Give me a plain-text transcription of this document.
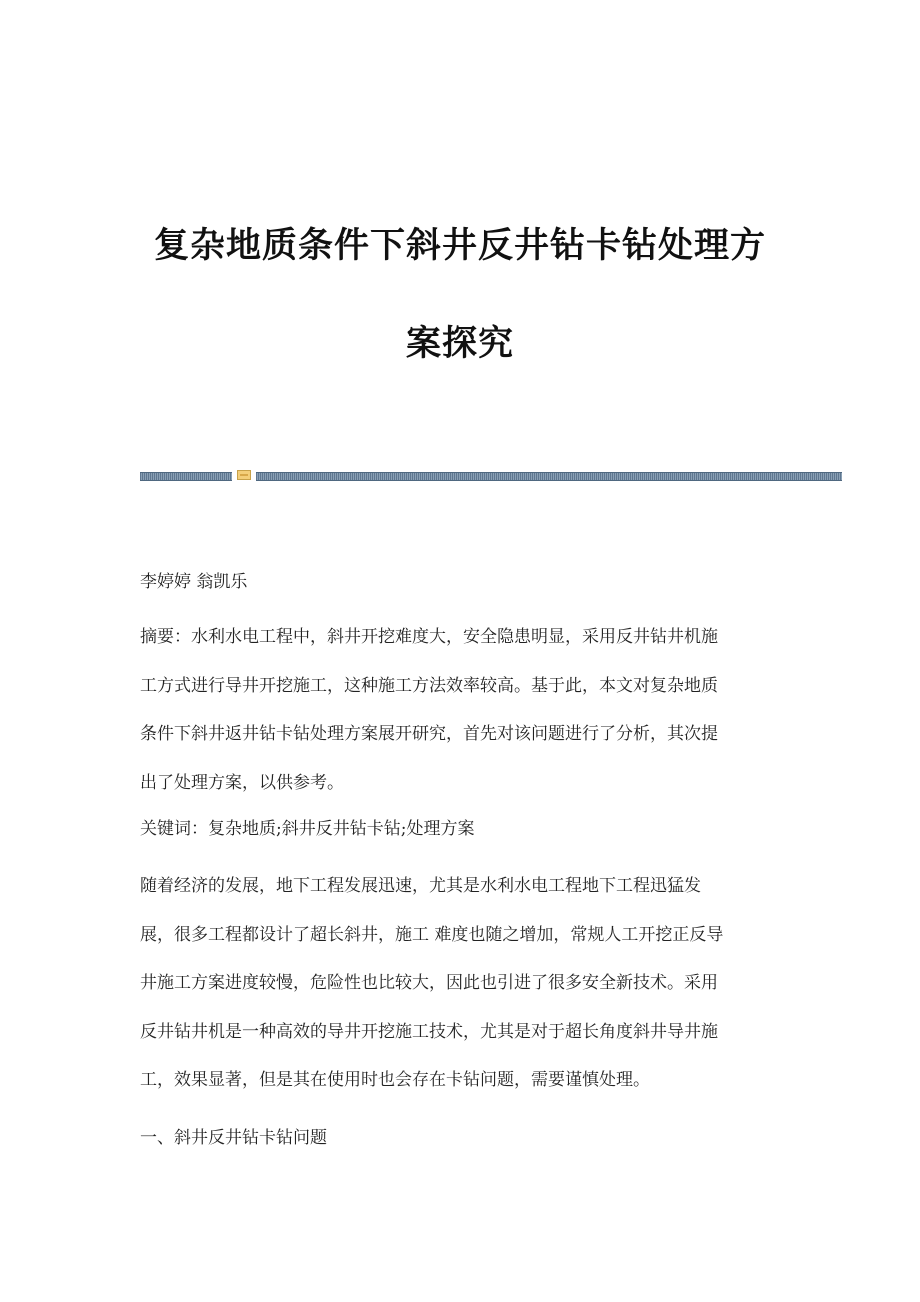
复杂地质条件下斜井反井钻卡钻处理方
案探究

李婷婷 翁凯乐

摘要：水利水电工程中，斜井开挖难度大，安全隐患明显，采用反井钻井机施
工方式进行导井开挖施工，这种施工方法效率较高。基于此，本文对复杂地质
条件下斜井返井钻卡钻处理方案展开研究，首先对该问题进行了分析，其次提
出了处理方案，以供参考。

关键词：复杂地质;斜井反井钻卡钻;处理方案

随着经济的发展，地下工程发展迅速，尤其是水利水电工程地下工程迅猛发
展，很多工程都设计了超长斜井，施工 难度也随之增加，常规人工开挖正反导
井施工方案进度较慢，危险性也比较大，因此也引进了很多安全新技术。采用
反井钻井机是一种高效的导井开挖施工技术，尤其是对于超长角度斜井导井施
工，效果显著，但是其在使用时也会存在卡钻问题，需要谨慎处理。

一、斜井反井钻卡钻问题
